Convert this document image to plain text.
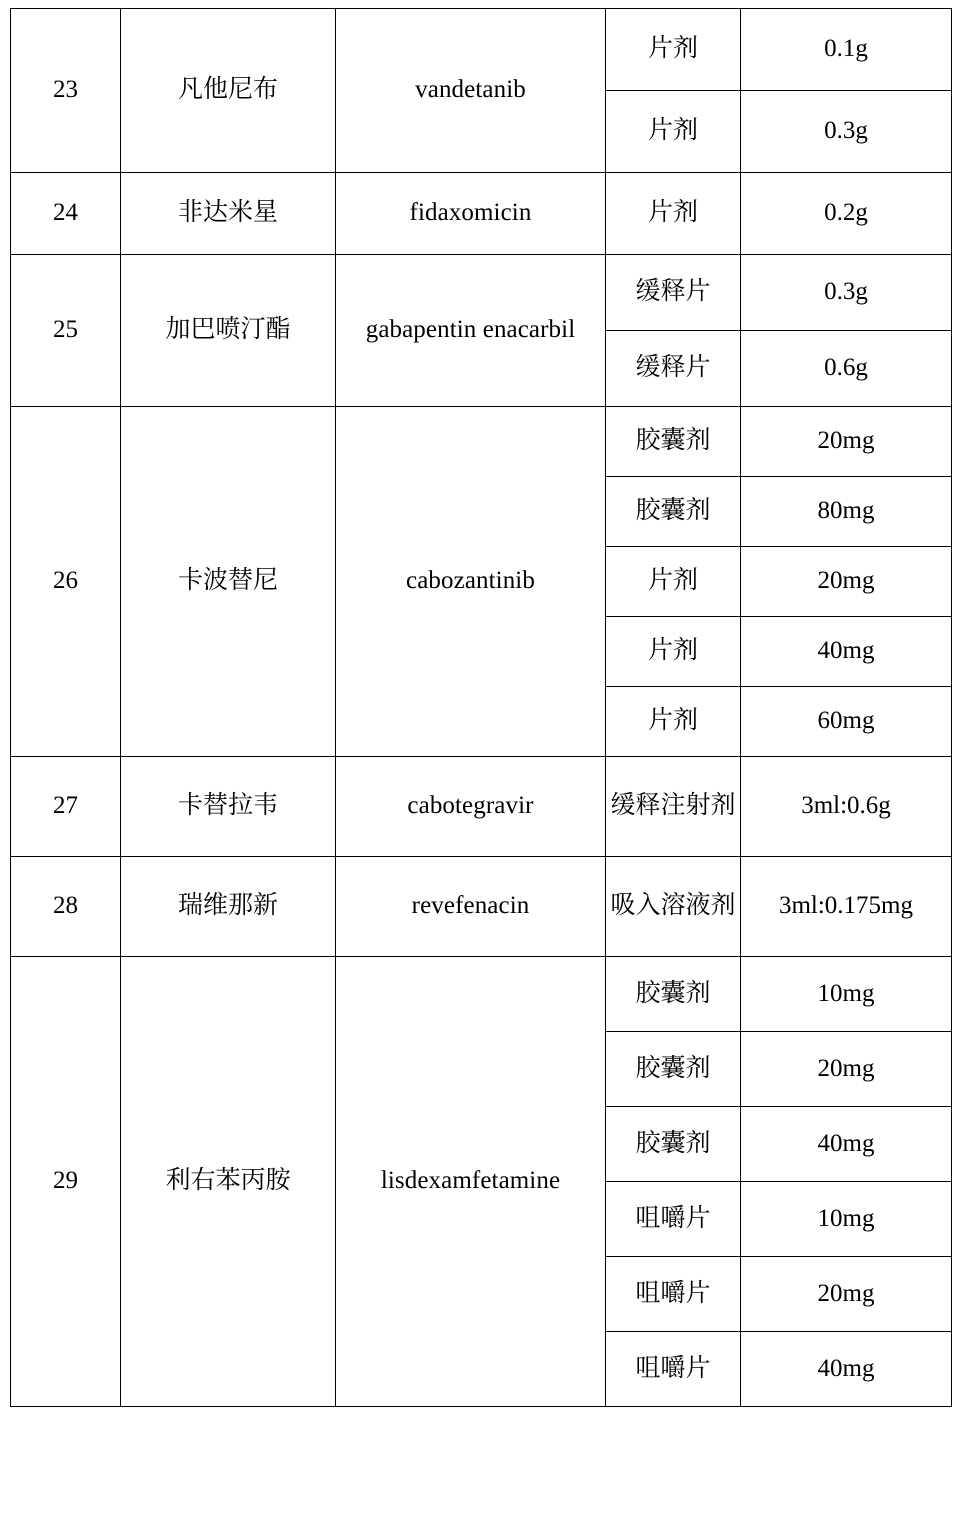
23	凡他尼布	vandetanib	片剂	0.1g
			片剂	0.3g
24	非达米星	fidaxomicin	片剂	0.2g
25	加巴喷汀酯	gabapentin enacarbil	缓释片	0.3g
			缓释片	0.6g
26	卡波替尼	cabozantinib	胶囊剂	20mg
			胶囊剂	80mg
			片剂	20mg
			片剂	40mg
			片剂	60mg
27	卡替拉韦	cabotegravir	缓释注射剂	3ml:0.6g
28	瑞维那新	revefenacin	吸入溶液剂	3ml:0.175mg
29	利右苯丙胺	lisdexamfetamine	胶囊剂	10mg
			胶囊剂	20mg
			胶囊剂	40mg
			咀嚼片	10mg
			咀嚼片	20mg
			咀嚼片	40mg
